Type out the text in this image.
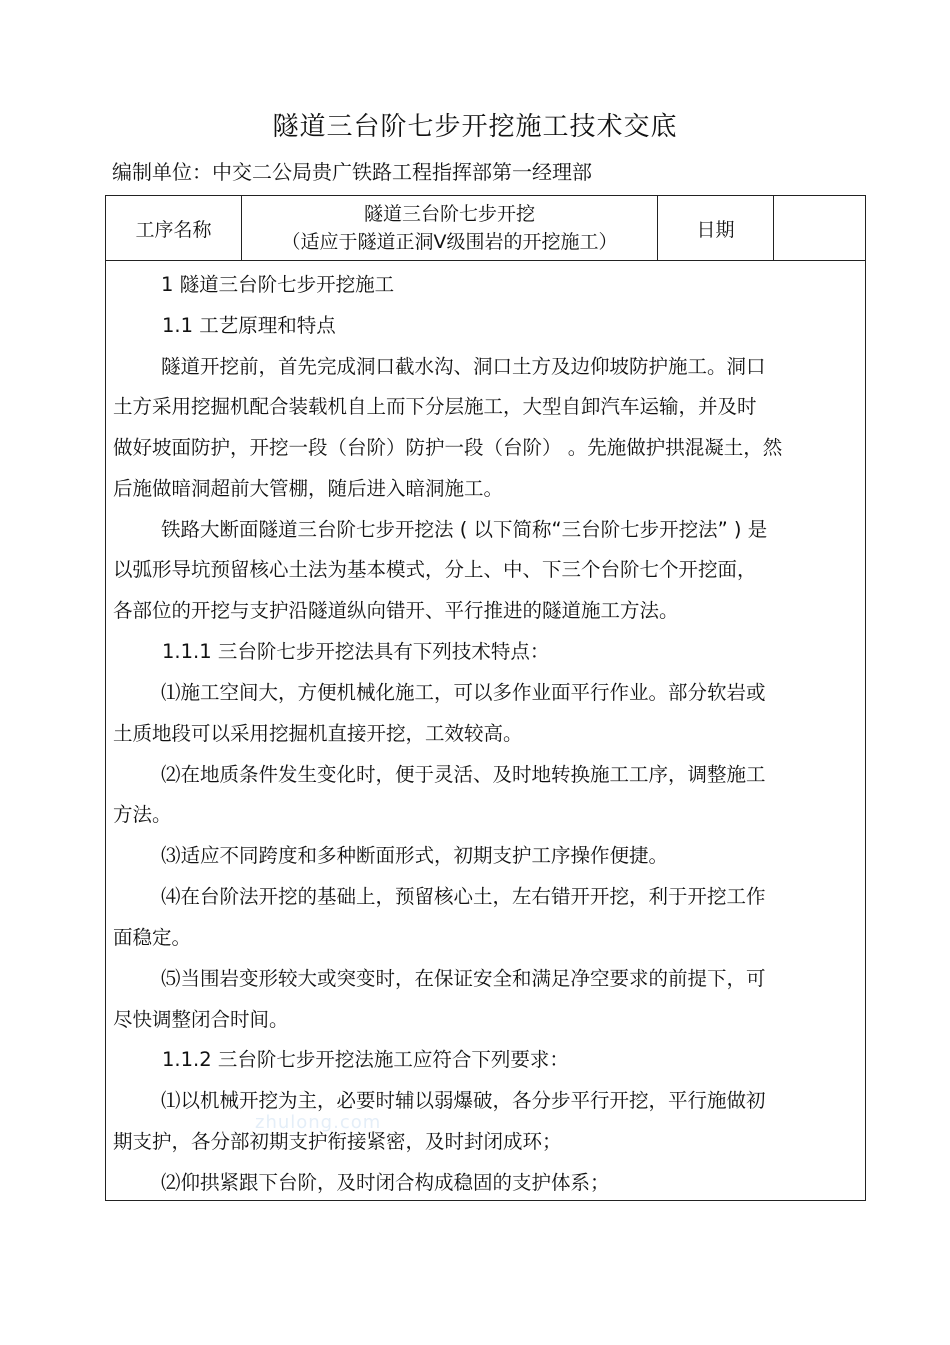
隧道三台阶七步开挖施工技术交底

编制单位：中交二公局贵广铁路工程指挥部第一经理部

工序名称
隧道三台阶七步开挖
（适应于隧道正洞Ⅴ级围岩的开挖施工）
日期

1 隧道三台阶七步开挖施工

1.1 工艺原理和特点

隧道开挖前，首先完成洞口截水沟、洞口土方及边仰坡防护施工。洞口

土方采用挖掘机配合装载机自上而下分层施工，大型自卸汽车运输，并及时

做好坡面防护，开挖一段（台阶）防护一段（台阶） 。先施做护拱混凝土，然

后施做暗洞超前大管棚，随后进入暗洞施工。

铁路大断面隧道三台阶七步开挖法 ( 以下简称“三台阶七步开挖法” ) 是

以弧形导坑预留核心土法为基本模式，分上、中、下三个台阶七个开挖面，

各部位的开挖与支护沿隧道纵向错开、平行推进的隧道施工方法。

1.1.1 三台阶七步开挖法具有下列技术特点：

⑴施工空间大，方便机械化施工，可以多作业面平行作业。部分软岩或

土质地段可以采用挖掘机直接开挖，工效较高。

⑵在地质条件发生变化时，便于灵活、及时地转换施工工序，调整施工

方法。

⑶适应不同跨度和多种断面形式，初期支护工序操作便捷。

⑷在台阶法开挖的基础上，预留核心土，左右错开开挖，利于开挖工作

面稳定。

⑸当围岩变形较大或突变时，在保证安全和满足净空要求的前提下，可

尽快调整闭合时间。

1.1.2 三台阶七步开挖法施工应符合下列要求：

⑴以机械开挖为主，必要时辅以弱爆破，各分步平行开挖，平行施做初

期支护，各分部初期支护衔接紧密，及时封闭成环；

⑵仰拱紧跟下台阶，及时闭合构成稳固的支护体系；

zhulong.com
